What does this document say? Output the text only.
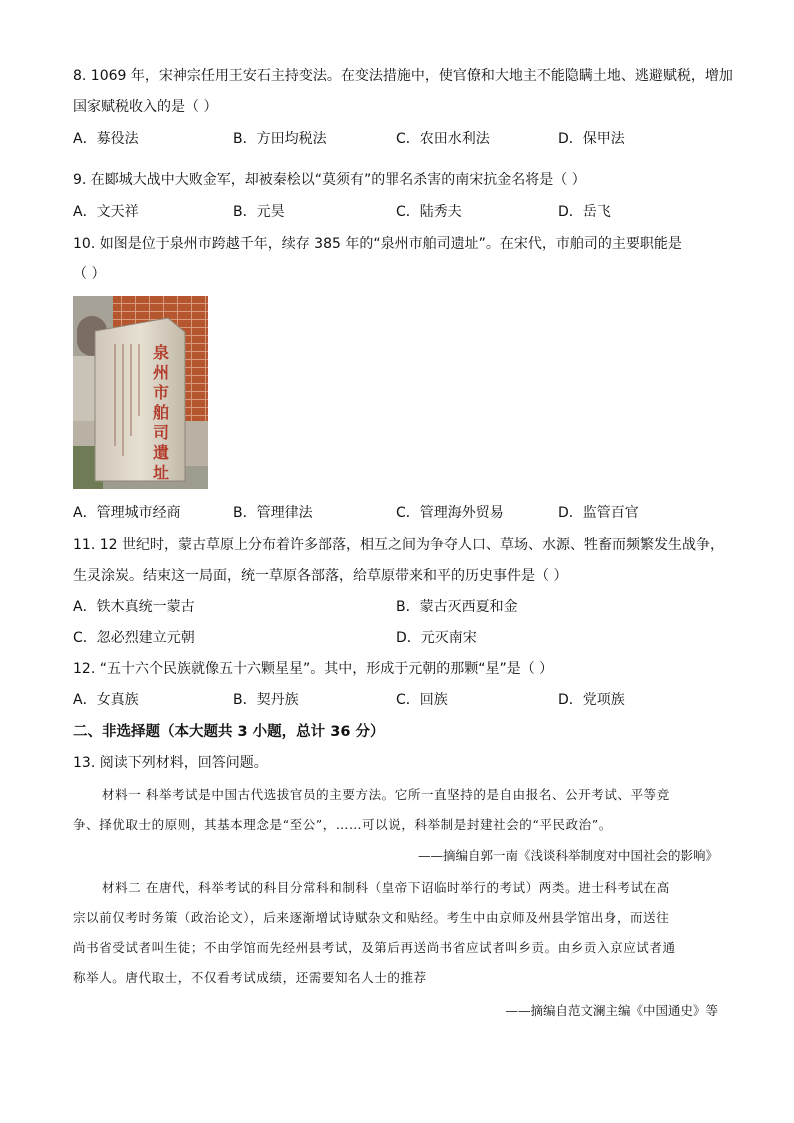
8. 1069 年，宋神宗任用王安石主持变法。在变法措施中，使官僚和大地主不能隐瞒土地、逃避赋税，增加
国家赋税收入的是（ ）
A．募役法	B．方田均税法	C．农田水利法	D．保甲法
9. 在郾城大战中大败金军，却被秦桧以“莫须有”的罪名杀害的南宋抗金名将是（ ）
A．文天祥	B．元昊	C．陆秀夫	D．岳飞
10. 如图是位于泉州市跨越千年，续存 385 年的“泉州市舶司遗址”。在宋代，市舶司的主要职能是
（ ）
泉
州
市
舶
司
遺
址
A．管理城市经商	B．管理律法	C．管理海外贸易	D．监管百官
11. 12 世纪时，蒙古草原上分布着许多部落，相互之间为争夺人口、草场、水源、牲畜而频繁发生战争，
生灵涂炭。结束这一局面，统一草原各部落，给草原带来和平的历史事件是（ ）
A．铁木真统一蒙古	B．蒙古灭西夏和金
C．忽必烈建立元朝	D．元灭南宋
12. “五十六个民族就像五十六颗星星”。其中，形成于元朝的那颗“星”是（ ）
A．女真族	B．契丹族	C．回族	D．党项族
二、非选择题（本大题共 3 小题，总计 36 分）
13. 阅读下列材料，回答问题。
材料一 科举考试是中国古代选拔官员的主要方法。它所一直坚持的是自由报名、公开考试、平等竞
争、择优取士的原则，其基本理念是“至公”，……可以说，科举制是封建社会的“平民政治”。
——摘编自郭一南《浅谈科举制度对中国社会的影响》
材料二 在唐代，科举考试的科目分常科和制科（皇帝下诏临时举行的考试）两类。进士科考试在高
宗以前仅考时务策（政治论文），后来逐渐增试诗赋杂文和贴经。考生中由京师及州县学馆出身，而送往
尚书省受试者叫生徒；不由学馆而先经州县考试，及第后再送尚书省应试者叫乡贡。由乡贡入京应试者通
称举人。唐代取士，不仅看考试成绩，还需要知名人士的推荐
——摘编自范文澜主编《中国通史》等
